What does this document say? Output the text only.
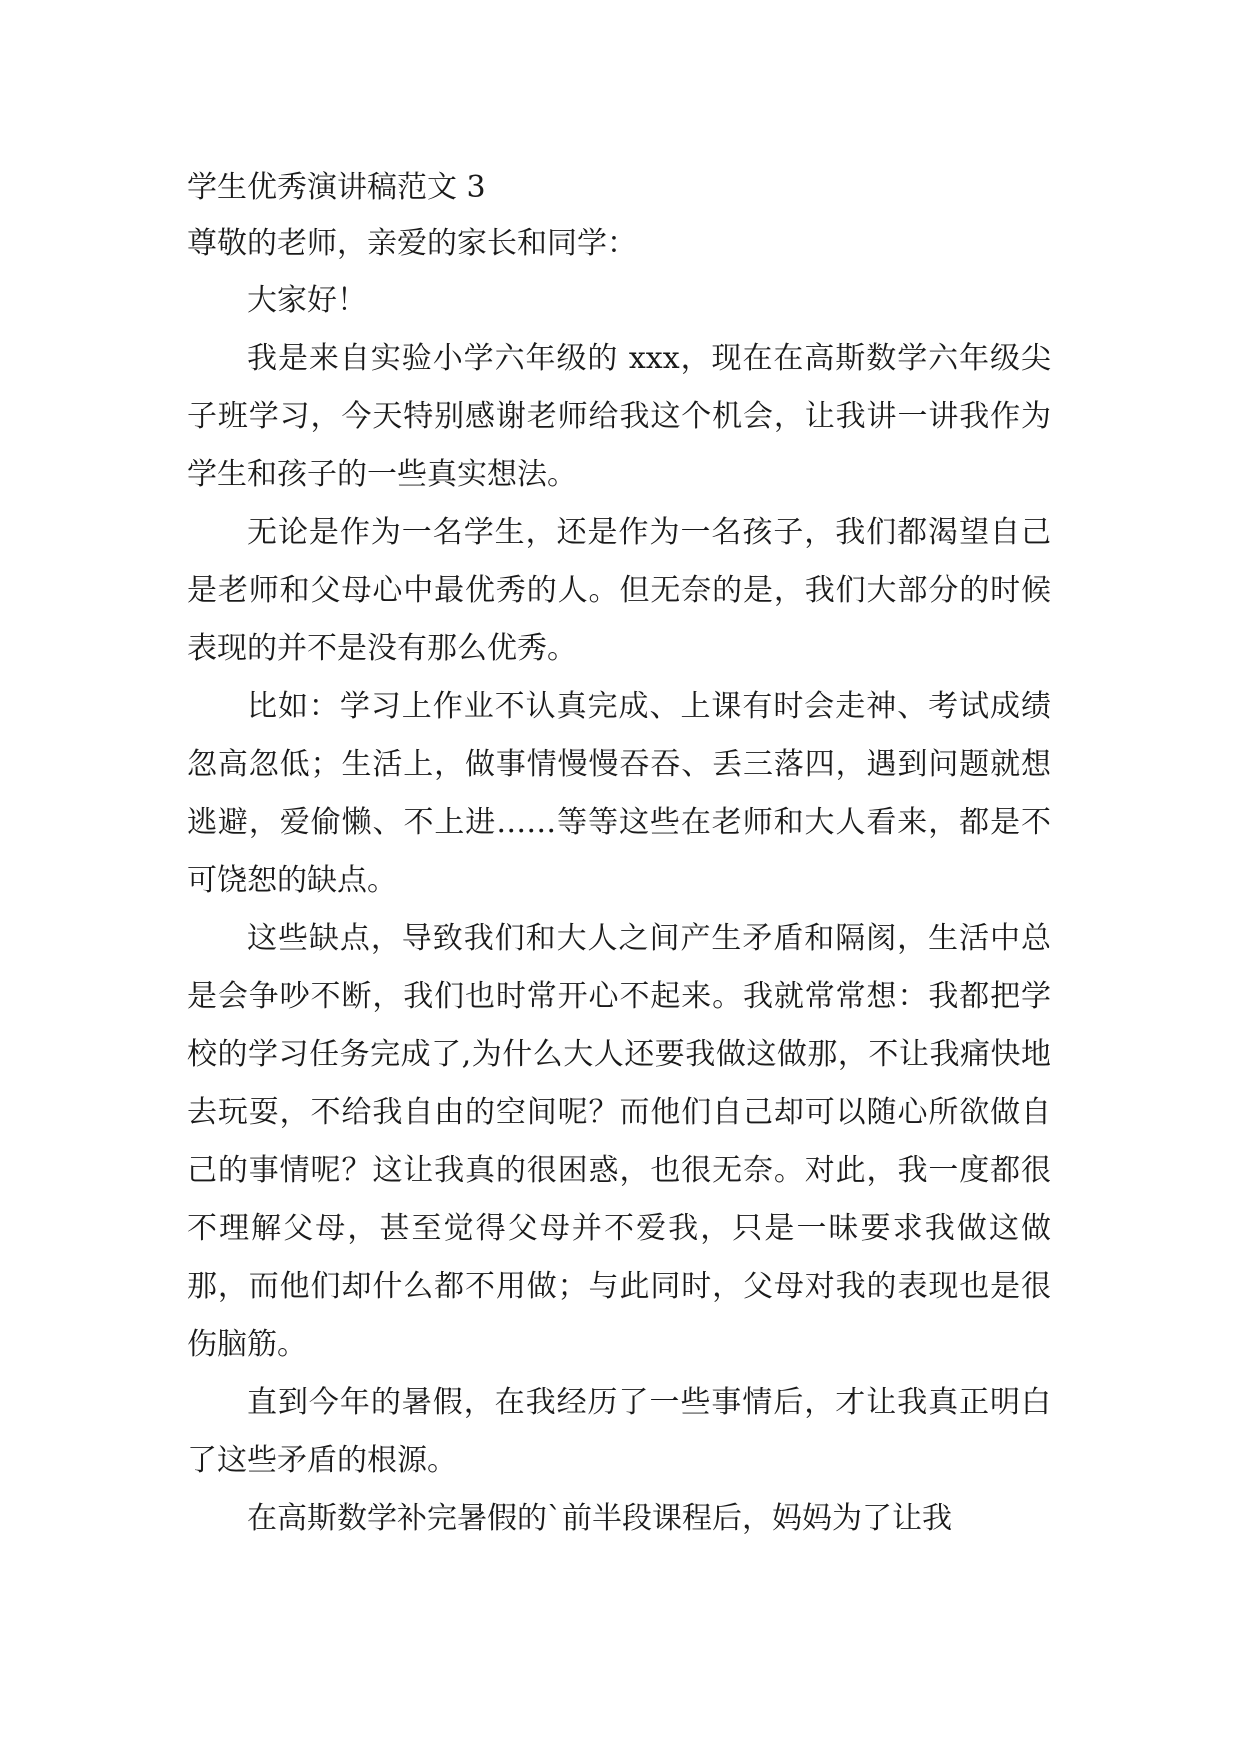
学生优秀演讲稿范文 3
尊敬的老师，亲爱的家长和同学：

大家好！

我是来自实验小学六年级的 xxx，现在在高斯数学六年级尖子班学习，今天特别感谢老师给我这个机会，让我讲一讲我作为学生和孩子的一些真实想法。

无论是作为一名学生，还是作为一名孩子，我们都渴望自己是老师和父母心中最优秀的人。但无奈的是，我们大部分的时候表现的并不是没有那么优秀。

比如：学习上作业不认真完成、上课有时会走神、考试成绩忽高忽低；生活上，做事情慢慢吞吞、丢三落四，遇到问题就想逃避，爱偷懒、不上进……等等这些在老师和大人看来，都是不可饶恕的缺点。

这些缺点，导致我们和大人之间产生矛盾和隔阂，生活中总是会争吵不断，我们也时常开心不起来。我就常常想：我都把学校的学习任务完成了,为什么大人还要我做这做那，不让我痛快地去玩耍，不给我自由的空间呢？而他们自己却可以随心所欲做自己的事情呢？这让我真的很困惑，也很无奈。对此，我一度都很不理解父母，甚至觉得父母并不爱我，只是一昧要求我做这做那，而他们却什么都不用做；与此同时，父母对我的表现也是很伤脑筋。

直到今年的暑假，在我经历了一些事情后，才让我真正明白了这些矛盾的根源。

在高斯数学补完暑假的`前半段课程后，妈妈为了让我
